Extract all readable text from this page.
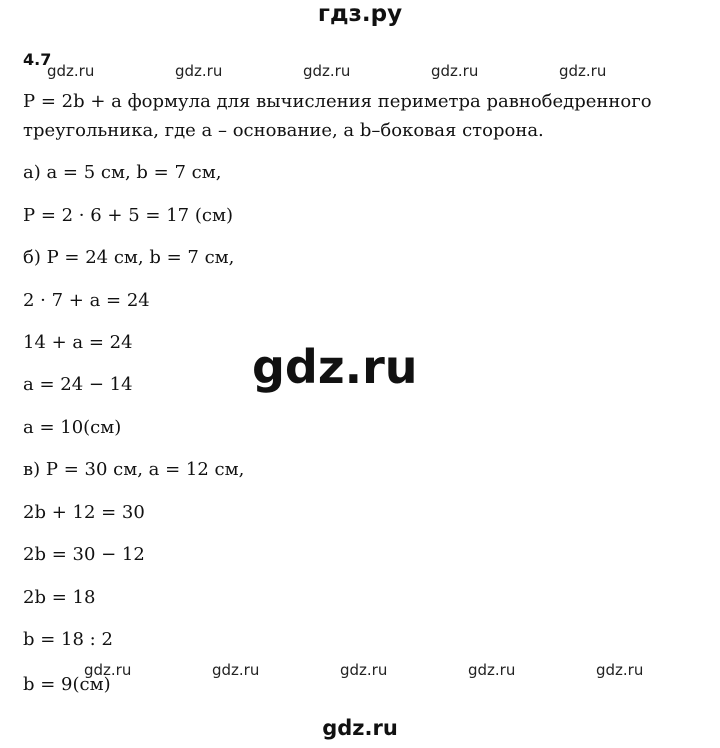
гдз.ру
4.7
gdz.ru	gdz.ru	gdz.ru	gdz.ru	gdz.ru
P = 2b + a формула для вычисления периметра равнобедренного
треугольника, где a – основание, а b–боковая сторона.
а) a = 5 см, b = 7 см,
P = 2 · 6 + 5 = 17 (см)
б) P = 24 см, b = 7 см,
2 · 7 + a = 24
14 + a = 24
a = 24 − 14
a = 10(см)
в) P = 30 см, a = 12 см,
2b + 12 = 30
2b = 30 − 12
2b = 18
b = 18 : 2
b = 9(см)
gdz.ru
gdz.ru	gdz.ru	gdz.ru	gdz.ru	gdz.ru
gdz.ru
